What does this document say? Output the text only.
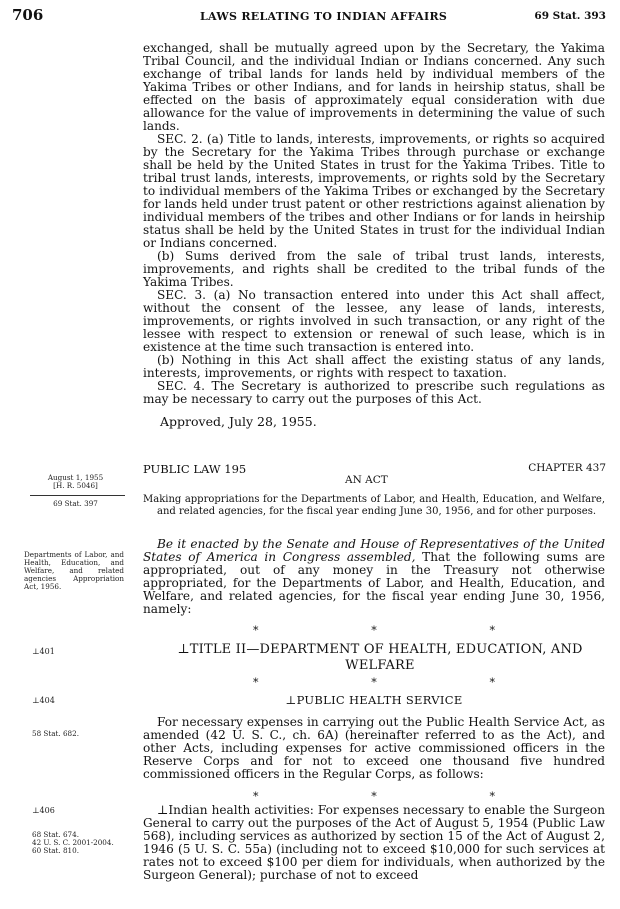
706	LAWS RELATING TO INDIAN AFFAIRS	69 Stat. 393

exchanged, shall be mutually agreed upon by the Secretary, the Yakima Tribal Council, and the individual Indian or Indians concerned. Any such exchange of tribal lands for lands held by individual members of the Yakima Tribes or other Indians, and for lands in heirship status, shall be effected on the basis of approximately equal consideration with due allowance for the value of improvements in determining the value of such lands.

SEC. 2. (a) Title to lands, interests, improvements, or rights so acquired by the Secretary for the Yakima Tribes through purchase or exchange shall be held by the United States in trust for the Yakima Tribes. Title to tribal trust lands, interests, improvements, or rights sold by the Secretary to individual members of the Yakima Tribes or exchanged by the Secretary for lands held under trust patent or other restrictions against alienation by individual members of the tribes and other Indians or for lands in heirship status shall be held by the United States in trust for the individual Indian or Indians concerned.

(b) Sums derived from the sale of tribal trust lands, interests, improvements, and rights shall be credited to the tribal funds of the Yakima Tribes.

SEC. 3. (a) No transaction entered into under this Act shall affect, without the consent of the lessee, any lease of lands, interests, improvements, or rights involved in such transaction, or any right of the lessee with respect to extension or renewal of such lease, which is in existence at the time such transaction is entered into.

(b) Nothing in this Act shall affect the existing status of any lands, interests, improvements, or rights with respect to taxation.

SEC. 4. The Secretary is authorized to prescribe such regulations as may be necessary to carry out the purposes of this Act.

Approved, July 28, 1955.
PUBLIC LAW 195
AN ACT
CHAPTER 437

Making appropriations for the Departments of Labor, and Health, Education, and Welfare, and related agencies, for the fiscal year ending June 30, 1956, and for other purposes.

Be it enacted by the Senate and House of Representatives of the United States of America in Congress assembled, That the following sums are appropriated, out of any money in the Treasury not otherwise appropriated, for the Departments of Labor, and Health, Education, and Welfare, and related agencies, for the fiscal year ending June 30, 1956, namely:

*	*	*
⊥TITLE II—DEPARTMENT OF HEALTH, EDUCATION, AND WELFARE
*	*	*
⊥PUBLIC HEALTH SERVICE

For necessary expenses in carrying out the Public Health Service Act, as amended (42 U. S. C., ch. 6A) (hereinafter referred to as the Act), and other Acts, including expenses for active commissioned officers in the Reserve Corps and for not to exceed one thousand five hundred commissioned officers in the Regular Corps, as follows:

*	*	*

⊥Indian health activities: For expenses necessary to enable the Surgeon General to carry out the purposes of the Act of August 5, 1954 (Public Law 568), including services as authorized by section 15 of the Act of August 2, 1946 (5 U. S. C. 55a) (including not to exceed $10,000 for such services at rates not to exceed $100 per diem for individuals, when authorized by the Surgeon General); purchase of not to exceed

August 1, 1955
[H. R. 5046]
69 Stat. 397
Departments of Labor, and Health, Education, and Welfare, and related agencies Appropriation Act, 1956.
⊥401
⊥404
58 Stat. 682.
⊥406
68 Stat. 674.
42 U. S. C. 2001-2004.
60 Stat. 810.
